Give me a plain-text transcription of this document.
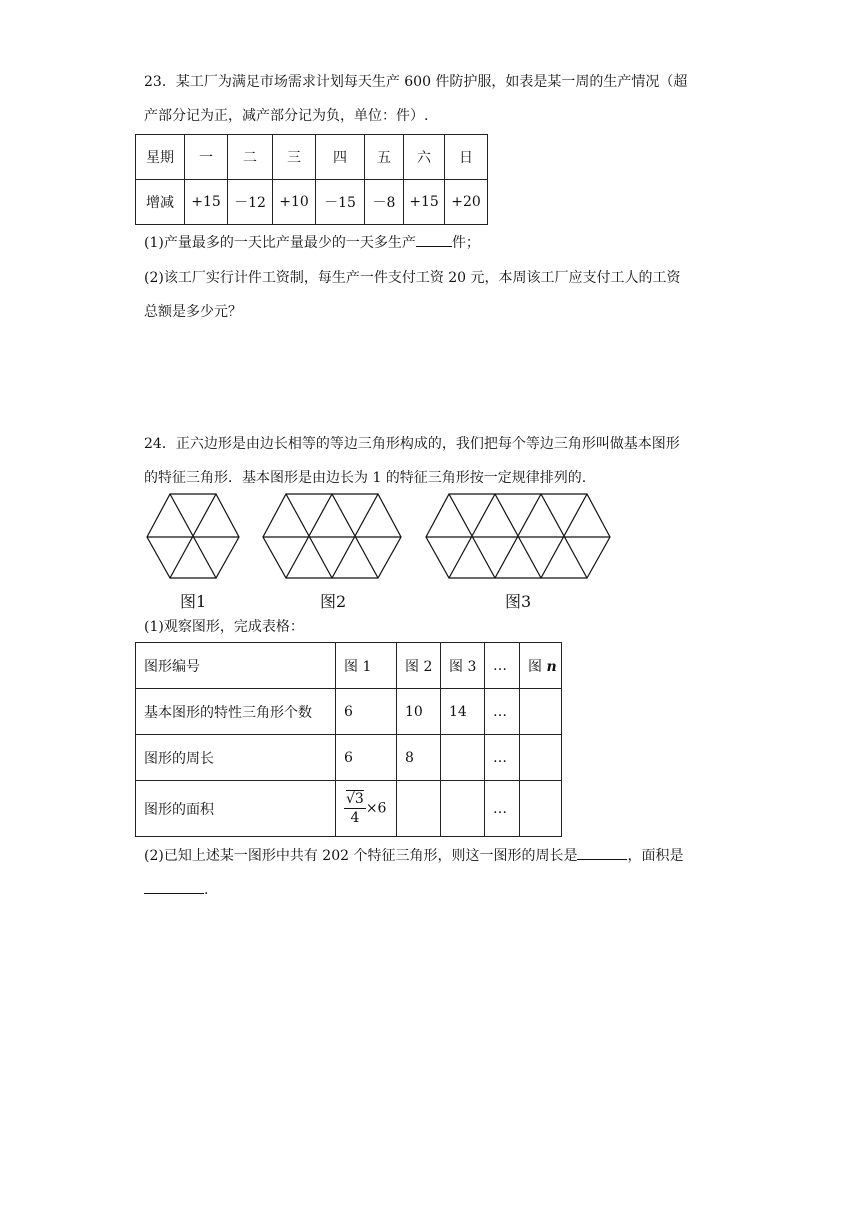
23．某工厂为满足市场需求计划每天生产 600 件防护服，如表是某一周的生产情况（超
产部分记为正，减产部分记为负，单位：件）.
星期	一	二	三	四	五	六	日
增减	+15	－12	+10	－15	－8	+15	+20
(1)产量最多的一天比产量最少的一天多生产	件；
(2)该工厂实行计件工资制，每生产一件支付工资 20 元，本周该工厂应支付工人的工资
总额是多少元？
24．正六边形是由边长相等的等边三角形构成的，我们把每个等边三角形叫做基本图形
的特征三角形．基本图形是由边长为 1 的特征三角形按一定规律排列的.
图1	图2	图3
(1)观察图形，完成表格：
图形编号	图 1	图 2	图 3	…	图 n
基本图形的特性三角形个数	6	10	14	…	
图形的周长	6	8		…	
图形的面积	$\frac{√3}{4} \times 6$			…	
(2)已知上述某一图形中共有 202 个特征三角形，则这一图形的周长是	，面积是
.
